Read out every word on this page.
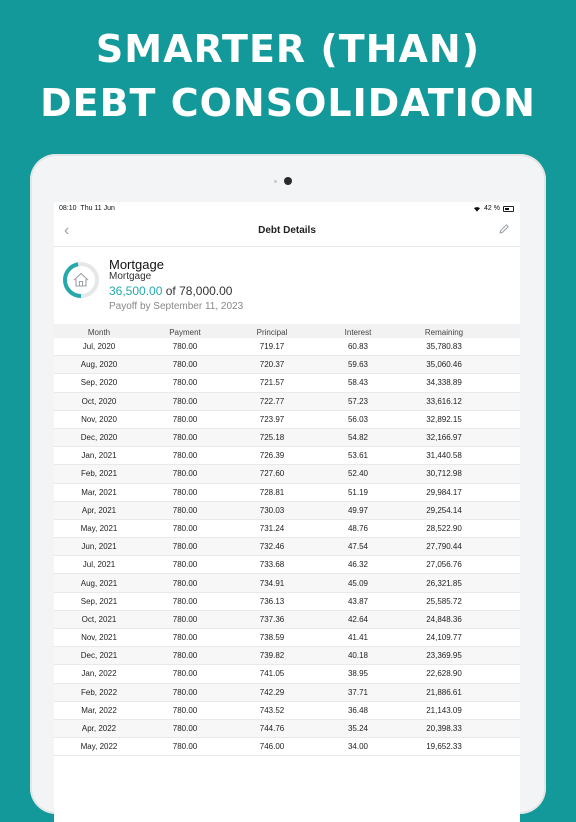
SMARTER (THAN)
DEBT CONSOLIDATION
08:10 Thu 11 Jun	42 %
‹	Debt Details
Mortgage
Mortgage
36,500.00 of 78,000.00
Payoff by September 11, 2023
Month	Payment	Principal	Interest	Remaining
Jul, 2020	780.00	719.17	60.83	35,780.83
Aug, 2020	780.00	720.37	59.63	35,060.46
Sep, 2020	780.00	721.57	58.43	34,338.89
Oct, 2020	780.00	722.77	57.23	33,616.12
Nov, 2020	780.00	723.97	56.03	32,892.15
Dec, 2020	780.00	725.18	54.82	32,166.97
Jan, 2021	780.00	726.39	53.61	31,440.58
Feb, 2021	780.00	727.60	52.40	30,712.98
Mar, 2021	780.00	728.81	51.19	29,984.17
Apr, 2021	780.00	730.03	49.97	29,254.14
May, 2021	780.00	731.24	48.76	28,522.90
Jun, 2021	780.00	732.46	47.54	27,790.44
Jul, 2021	780.00	733.68	46.32	27,056.76
Aug, 2021	780.00	734.91	45.09	26,321.85
Sep, 2021	780.00	736.13	43.87	25,585.72
Oct, 2021	780.00	737.36	42.64	24,848.36
Nov, 2021	780.00	738.59	41.41	24,109.77
Dec, 2021	780.00	739.82	40.18	23,369.95
Jan, 2022	780.00	741.05	38.95	22,628.90
Feb, 2022	780.00	742.29	37.71	21,886.61
Mar, 2022	780.00	743.52	36.48	21,143.09
Apr, 2022	780.00	744.76	35.24	20,398.33
May, 2022	780.00	746.00	34.00	19,652.33
